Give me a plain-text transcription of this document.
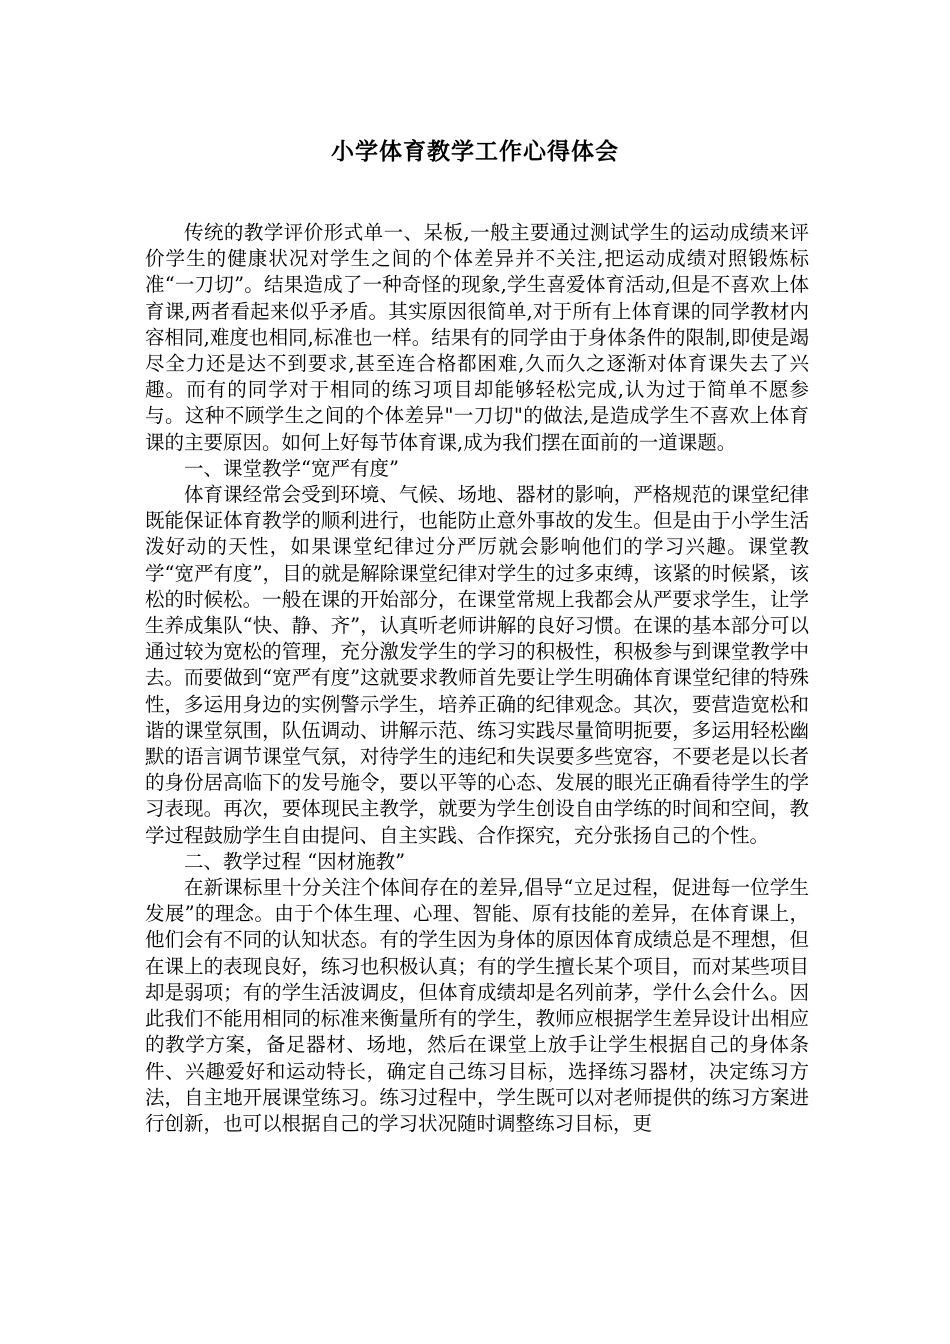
小学体育教学工作心得体会

传统的教学评价形式单一、呆板,一般主要通过测试学生的运动成绩来评价学生的健康状况对学生之间的个体差异并不关注,把运动成绩对照锻炼标准“一刀切”。结果造成了一种奇怪的现象,学生喜爱体育活动,但是不喜欢上体育课,两者看起来似乎矛盾。其实原因很简单,对于所有上体育课的同学教材内容相同,难度也相同,标准也一样。结果有的同学由于身体条件的限制,即使是竭尽全力还是达不到要求,甚至连合格都困难,久而久之逐渐对体育课失去了兴趣。而有的同学对于相同的练习项目却能够轻松完成,认为过于简单不愿参与。这种不顾学生之间的个体差异"一刀切"的做法,是造成学生不喜欢上体育课的主要原因。如何上好每节体育课,成为我们摆在面前的一道课题。

一、课堂教学“宽严有度”

体育课经常会受到环境、气候、场地、器材的影响，严格规范的课堂纪律既能保证体育教学的顺利进行，也能防止意外事故的发生。但是由于小学生活泼好动的天性，如果课堂纪律过分严厉就会影响他们的学习兴趣。课堂教学“宽严有度”，目的就是解除课堂纪律对学生的过多束缚，该紧的时候紧，该松的时候松。一般在课的开始部分，在课堂常规上我都会从严要求学生，让学生养成集队“快、静、齐”，认真听老师讲解的良好习惯。在课的基本部分可以通过较为宽松的管理，充分激发学生的学习的积极性，积极参与到课堂教学中去。而要做到“宽严有度”这就要求教师首先要让学生明确体育课堂纪律的特殊性，多运用身边的实例警示学生，培养正确的纪律观念。其次，要营造宽松和谐的课堂氛围，队伍调动、讲解示范、练习实践尽量简明扼要，多运用轻松幽默的语言调节课堂气氛，对待学生的违纪和失误要多些宽容，不要老是以长者的身份居高临下的发号施令，要以平等的心态、发展的眼光正确看待学生的学习表现。再次，要体现民主教学，就要为学生创设自由学练的时间和空间，教学过程鼓励学生自由提问、自主实践、合作探究，充分张扬自己的个性。

二、教学过程 “因材施教”

在新课标里十分关注个体间存在的差异,倡导“立足过程，促进每一位学生发展”的理念。由于个体生理、心理、智能、原有技能的差异，在体育课上，他们会有不同的认知状态。有的学生因为身体的原因体育成绩总是不理想，但在课上的表现良好，练习也积极认真；有的学生擅长某个项目，而对某些项目却是弱项；有的学生活波调皮，但体育成绩却是名列前茅，学什么会什么。因此我们不能用相同的标准来衡量所有的学生，教师应根据学生差异设计出相应的教学方案，备足器材、场地，然后在课堂上放手让学生根据自己的身体条件、兴趣爱好和运动特长，确定自己练习目标，选择练习器材，决定练习方法，自主地开展课堂练习。练习过程中，学生既可以对老师提供的练习方案进行创新，也可以根据自己的学习状况随时调整练习目标，更
